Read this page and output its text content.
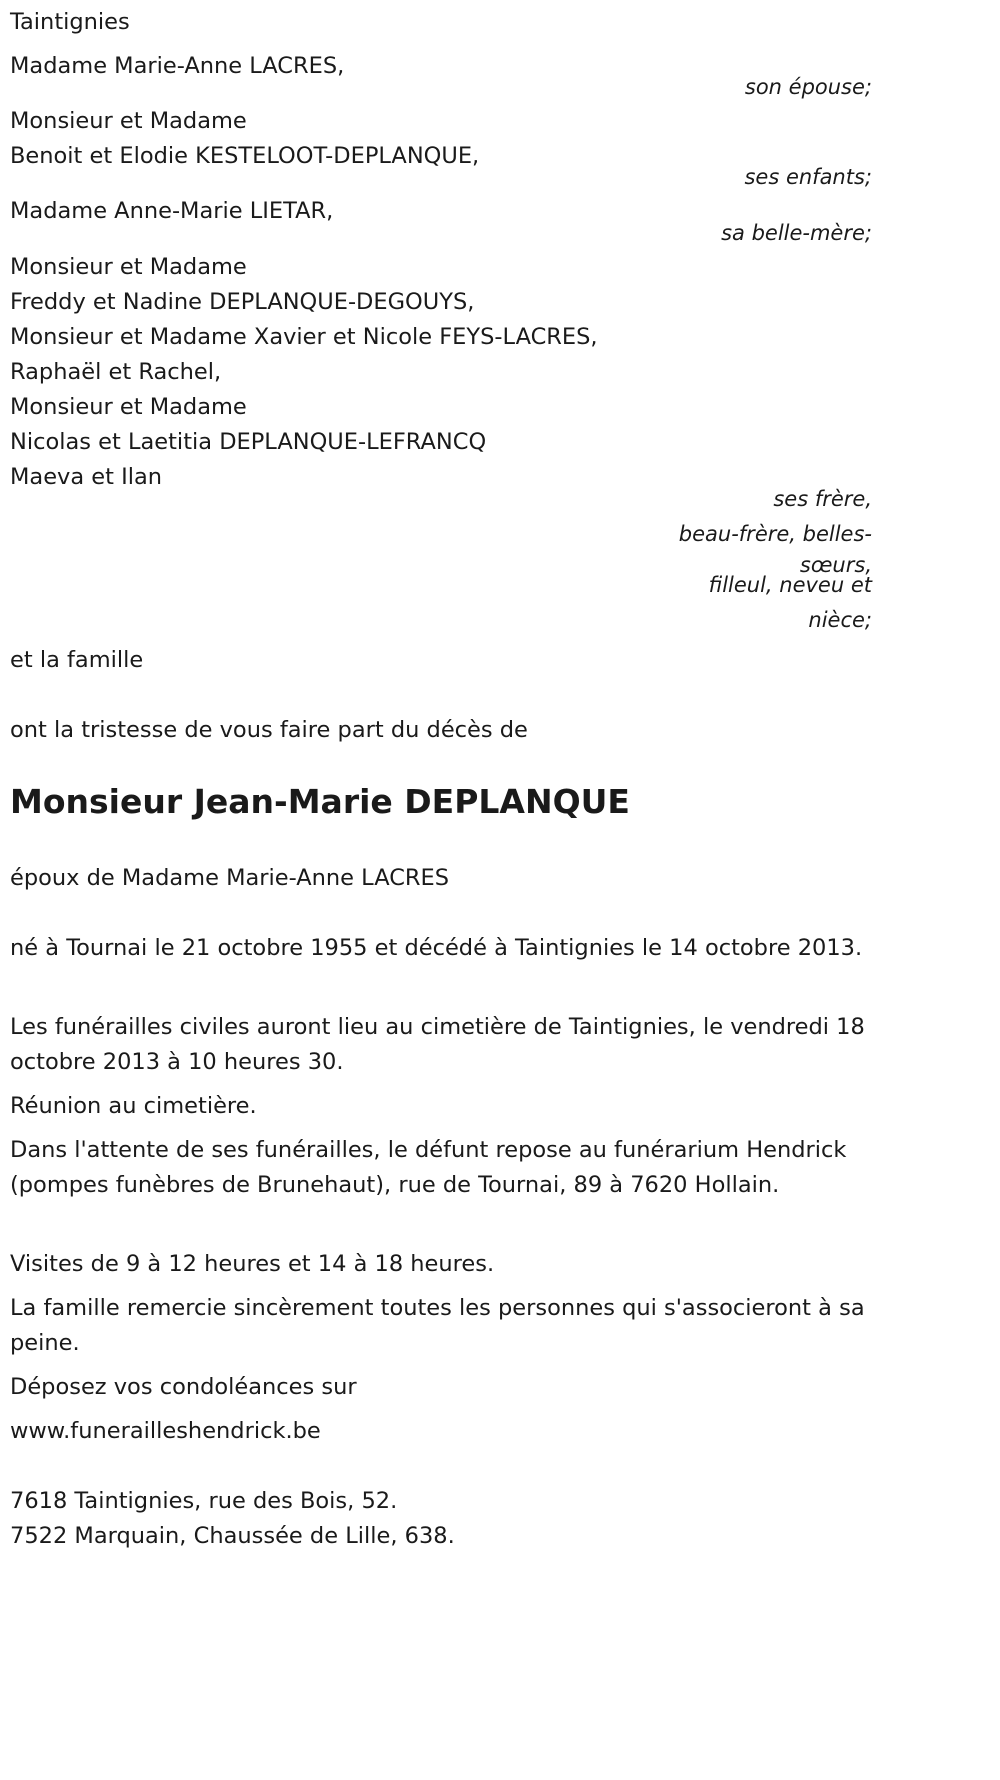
Taintignies
Madame Marie-Anne LACRES,
son épouse;
Monsieur et Madame
Benoit et Elodie KESTELOOT-DEPLANQUE,
ses enfants;
Madame Anne-Marie LIETAR,
sa belle-mère;
Monsieur et Madame
Freddy et Nadine DEPLANQUE-DEGOUYS,
Monsieur et Madame Xavier et Nicole FEYS-LACRES,
Raphaël et Rachel,
Monsieur et Madame
Nicolas et Laetitia DEPLANQUE-LEFRANCQ
Maeva et Ilan
ses frère,
beau-frère, belles-
sœurs,
filleul, neveu et
nièce;
et la famille
ont la tristesse de vous faire part du décès de
Monsieur Jean-Marie DEPLANQUE
époux de Madame Marie-Anne LACRES
né à Tournai le 21 octobre 1955 et décédé à Taintignies le 14 octobre 2013.
Les funérailles civiles auront lieu au cimetière de Taintignies, le vendredi 18 octobre 2013 à 10 heures 30.
Réunion au cimetière.
Dans l'attente de ses funérailles, le défunt repose au funérarium Hendrick (pompes funèbres de Brunehaut), rue de Tournai, 89 à 7620 Hollain.
Visites de 9 à 12 heures et 14 à 18 heures.
La famille remercie sincèrement toutes les personnes qui s'associeront à sa peine.
Déposez vos condoléances sur
www.funerailleshendrick.be
7618 Taintignies, rue des Bois, 52.
7522 Marquain, Chaussée de Lille, 638.
